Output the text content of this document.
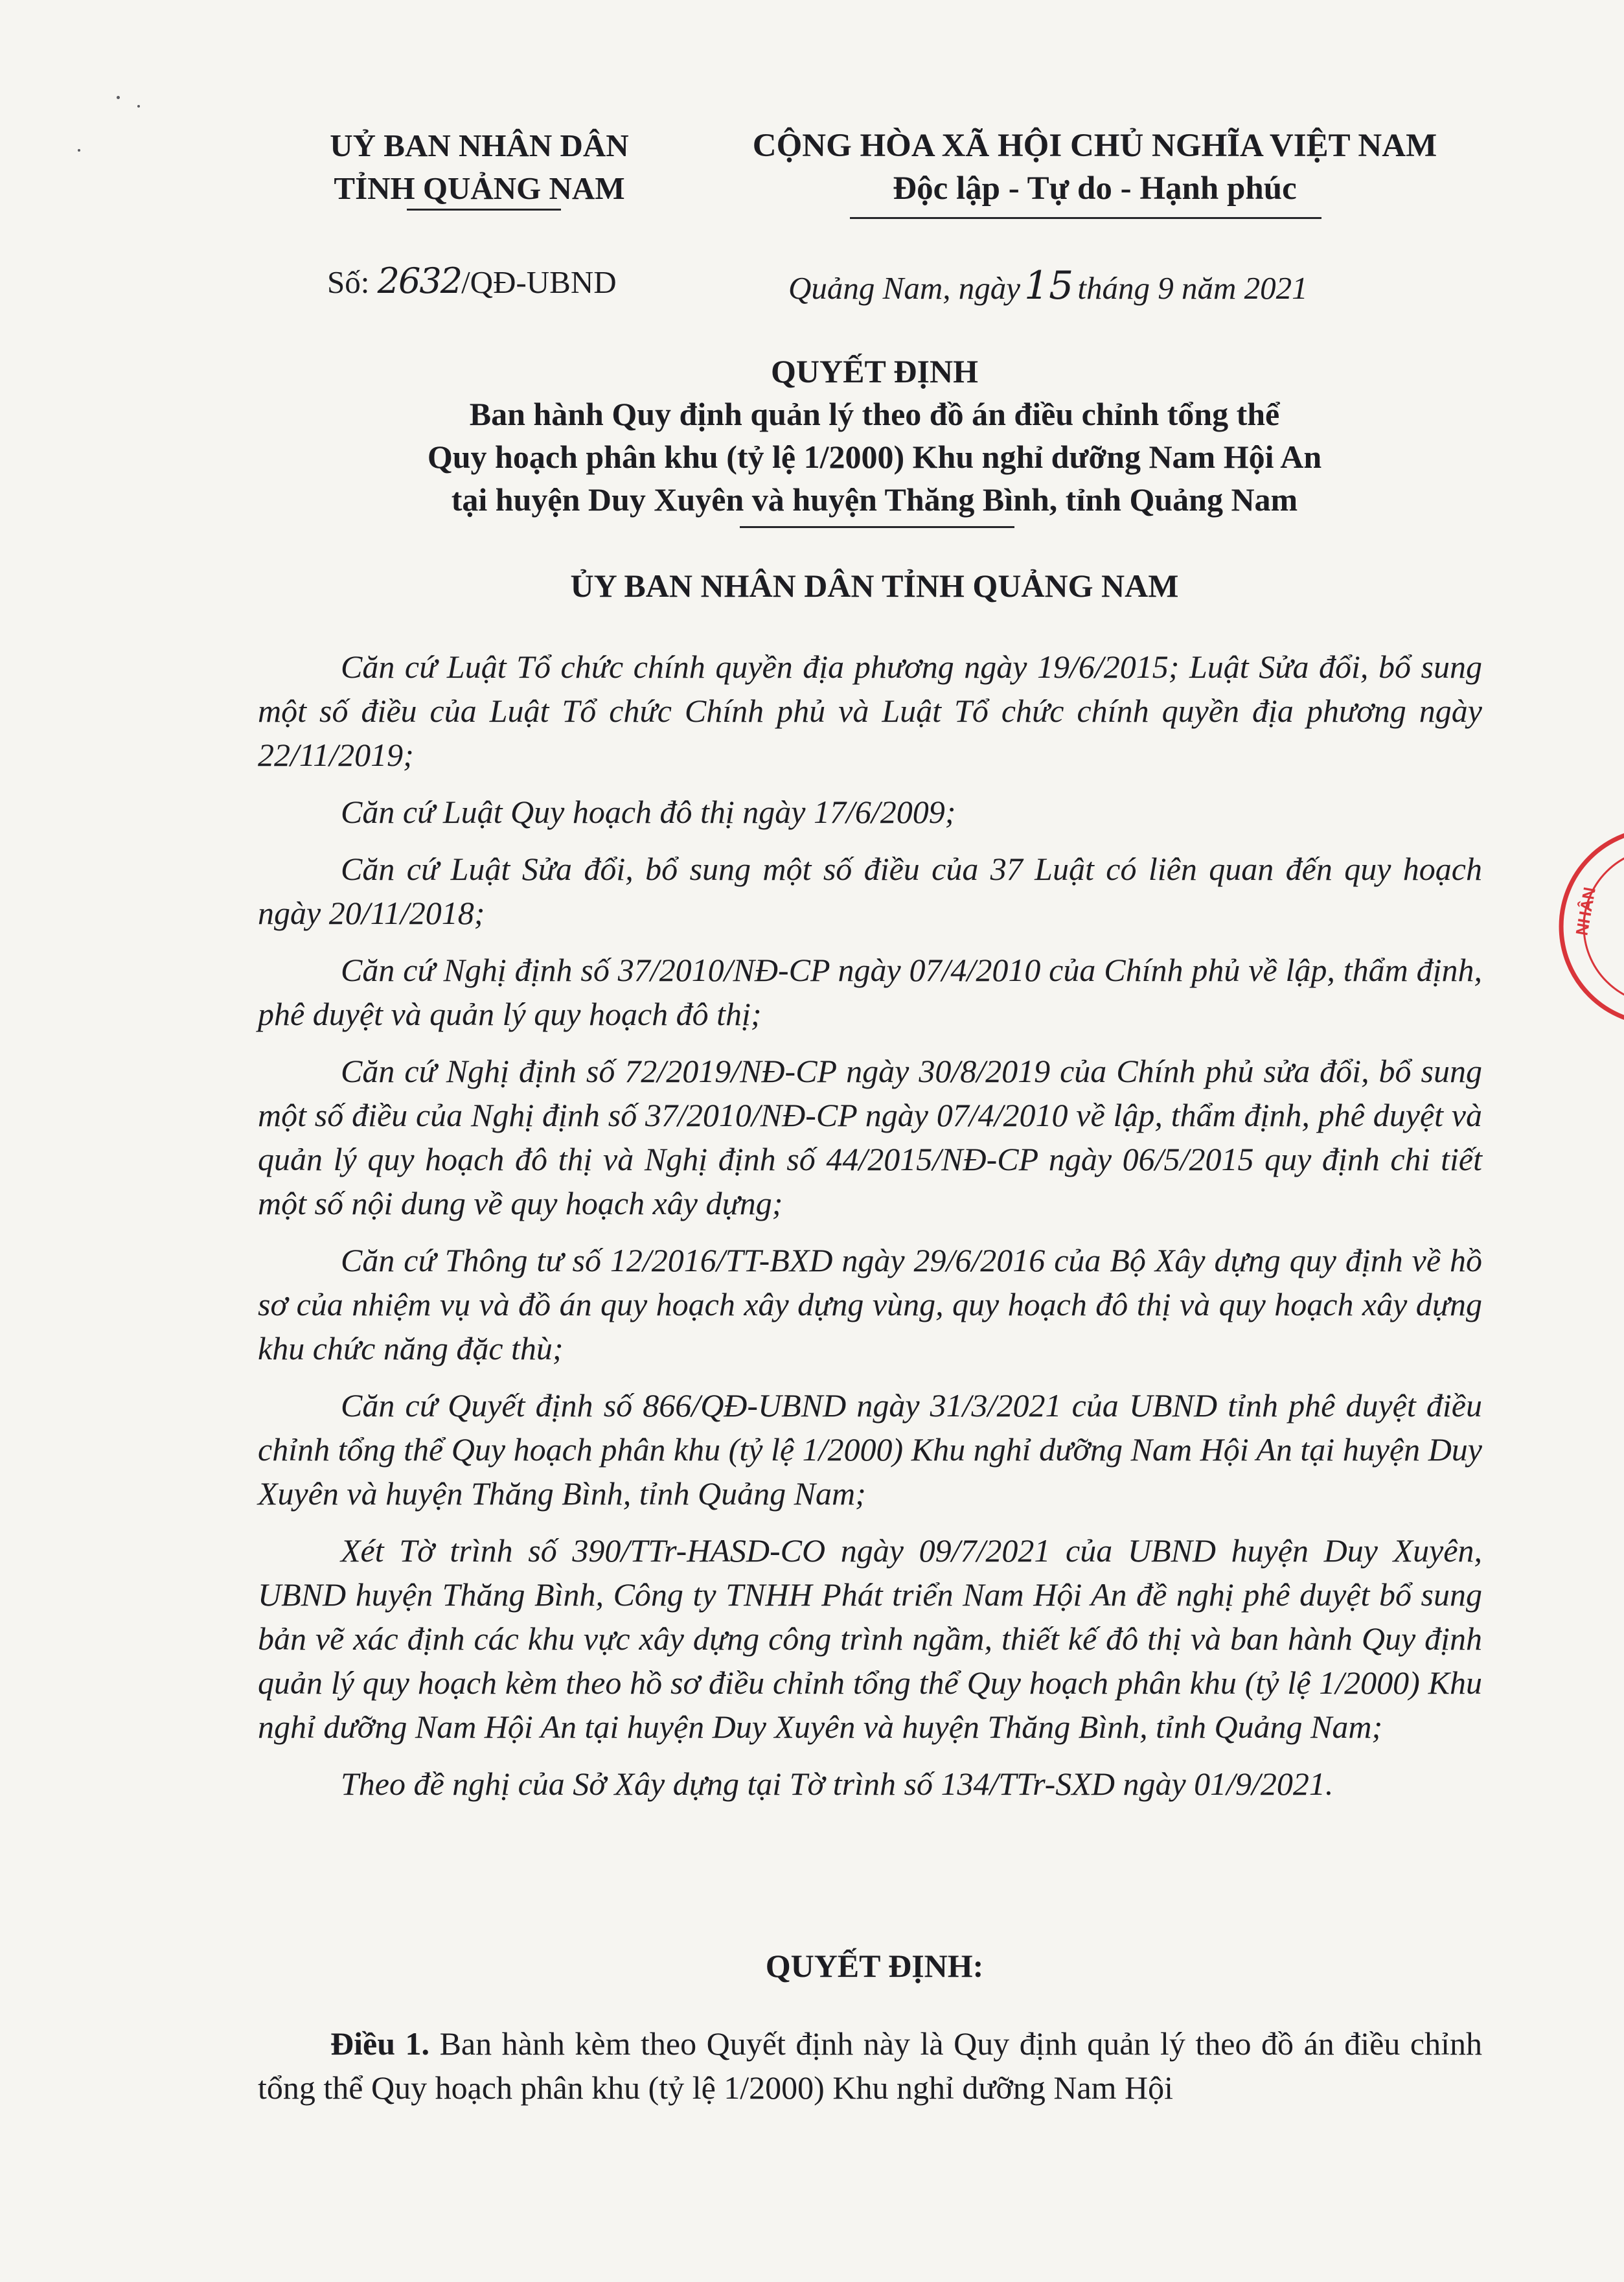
UỶ BAN NHÂN DÂN
TỈNH QUẢNG NAM
CỘNG HÒA XÃ HỘI CHỦ NGHĨA VIỆT NAM
Độc lập - Tự do - Hạnh phúc
Số: 2632/QĐ-UBND	Quảng Nam, ngày 15 tháng 9 năm 2021
QUYẾT ĐỊNH
Ban hành Quy định quản lý theo đồ án điều chỉnh tổng thể
Quy hoạch phân khu (tỷ lệ 1/2000) Khu nghỉ dưỡng Nam Hội An
tại huyện Duy Xuyên và huyện Thăng Bình, tỉnh Quảng Nam
ỦY BAN NHÂN DÂN TỈNH QUẢNG NAM

Căn cứ Luật Tổ chức chính quyền địa phương ngày 19/6/2015; Luật Sửa đổi, bổ sung một số điều của Luật Tổ chức Chính phủ và Luật Tổ chức chính quyền địa phương ngày 22/11/2019;

Căn cứ Luật Quy hoạch đô thị ngày 17/6/2009;

Căn cứ Luật Sửa đổi, bổ sung một số điều của 37 Luật có liên quan đến quy hoạch ngày 20/11/2018;

Căn cứ Nghị định số 37/2010/NĐ-CP ngày 07/4/2010 của Chính phủ về lập, thẩm định, phê duyệt và quản lý quy hoạch đô thị;

Căn cứ Nghị định số 72/2019/NĐ-CP ngày 30/8/2019 của Chính phủ sửa đổi, bổ sung một số điều của Nghị định số 37/2010/NĐ-CP ngày 07/4/2010 về lập, thẩm định, phê duyệt và quản lý quy hoạch đô thị và Nghị định số 44/2015/NĐ-CP ngày 06/5/2015 quy định chi tiết một số nội dung về quy hoạch xây dựng;

Căn cứ Thông tư số 12/2016/TT-BXD ngày 29/6/2016 của Bộ Xây dựng quy định về hồ sơ của nhiệm vụ và đồ án quy hoạch xây dựng vùng, quy hoạch đô thị và quy hoạch xây dựng khu chức năng đặc thù;

Căn cứ Quyết định số 866/QĐ-UBND ngày 31/3/2021 của UBND tỉnh phê duyệt điều chỉnh tổng thể Quy hoạch phân khu (tỷ lệ 1/2000) Khu nghỉ dưỡng Nam Hội An tại huyện Duy Xuyên và huyện Thăng Bình, tỉnh Quảng Nam;

Xét Tờ trình số 390/TTr-HASD-CO ngày 09/7/2021 của UBND huyện Duy Xuyên, UBND huyện Thăng Bình, Công ty TNHH Phát triển Nam Hội An đề nghị phê duyệt bổ sung bản vẽ xác định các khu vực xây dựng công trình ngầm, thiết kế đô thị và ban hành Quy định quản lý quy hoạch kèm theo hồ sơ điều chỉnh tổng thể Quy hoạch phân khu (tỷ lệ 1/2000) Khu nghỉ dưỡng Nam Hội An tại huyện Duy Xuyên và huyện Thăng Bình, tỉnh Quảng Nam;

Theo đề nghị của Sở Xây dựng tại Tờ trình số 134/TTr-SXD ngày 01/9/2021.

QUYẾT ĐỊNH:
Điều 1. Ban hành kèm theo Quyết định này là Quy định quản lý theo đồ án điều chỉnh tổng thể Quy hoạch phân khu (tỷ lệ 1/2000) Khu nghỉ dưỡng Nam Hội
NHÂN
